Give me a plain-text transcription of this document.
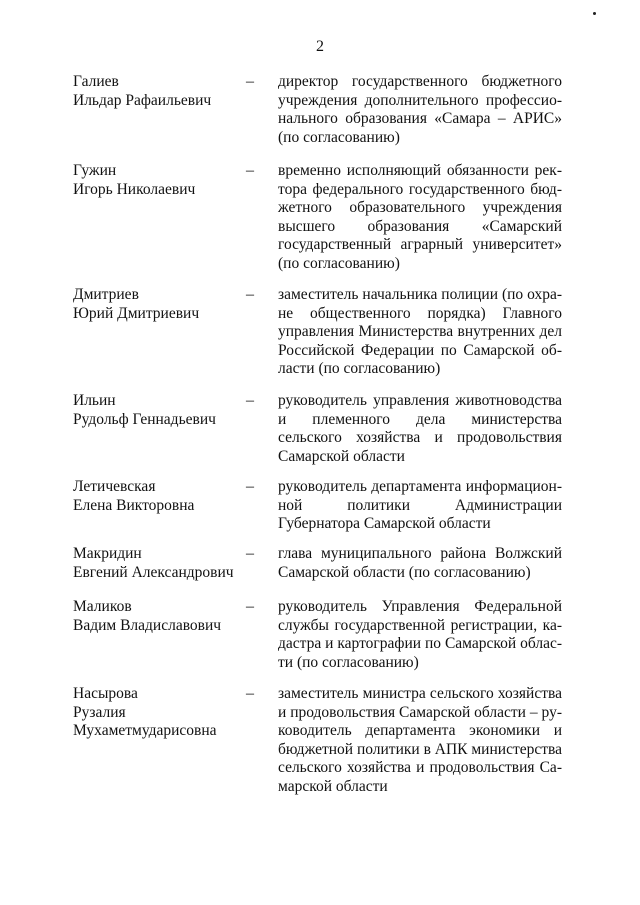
2
Галиев
Ильдар Рафаильевич
– директор государственного бюджетного учреждения дополнительного профессионального образования «Самара – АРИС» (по согласованию)
Гужин
Игорь Николаевич
– временно исполняющий обязанности ректора федерального государственного бюджетного образовательного учреждения высшего образования «Самарский государственный аграрный университет» (по согласованию)
Дмитриев
Юрий Дмитриевич
– заместитель начальника полиции (по охране общественного порядка) Главного управления Министерства внутренних дел Российской Федерации по Самарской области (по согласованию)
Ильин
Рудольф Геннадьевич
– руководитель управления животноводства и племенного дела министерства сельского хозяйства и продовольствия Самарской области
Летичевская
Елена Викторовна
– руководитель департамента информационной политики Администрации Губернатора Самарской области
Макридин
Евгений Александрович
– глава муниципального района Волжский Самарской области (по согласованию)
Маликов
Вадим Владиславович
– руководитель Управления Федеральной службы государственной регистрации, кадастра и картографии по Самарской области (по согласованию)
Насырова
Рузалия
Мухаметмударисовна
– заместитель министра сельского хозяйства и продовольствия Самарской области – руководитель департамента экономики и бюджетной политики в АПК министерства сельского хозяйства и продовольствия Самарской области
